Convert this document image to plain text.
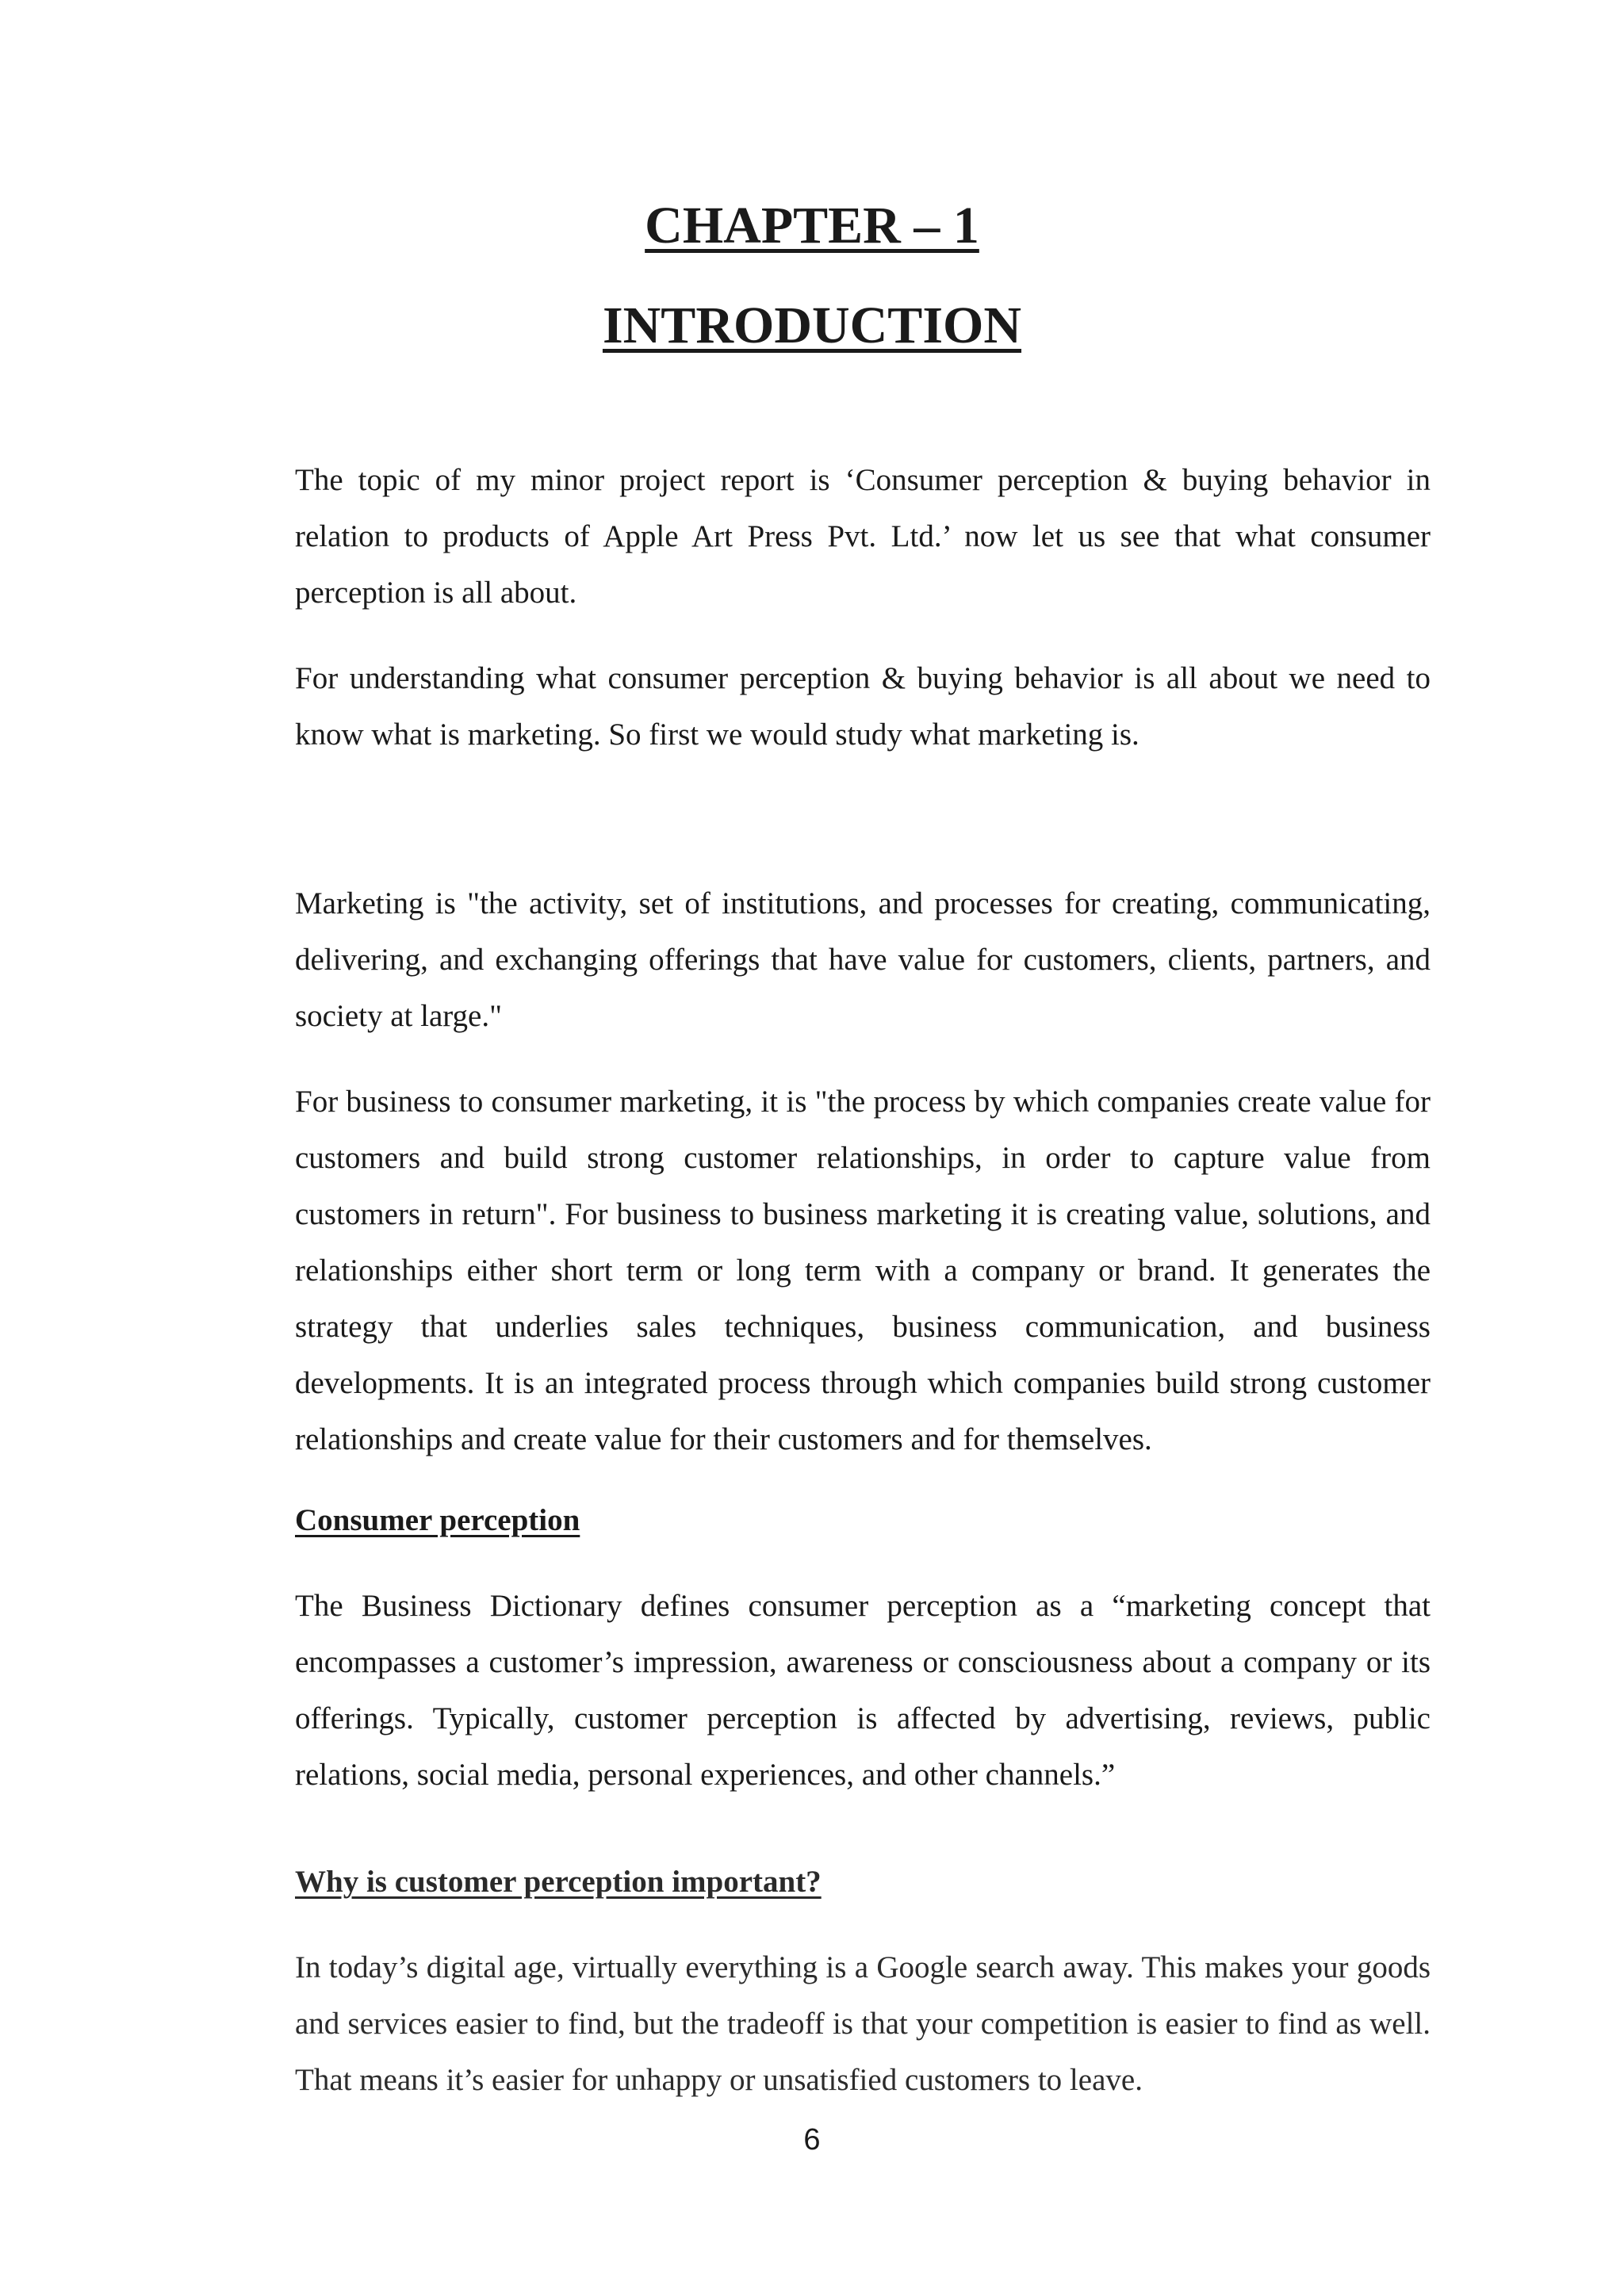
CHAPTER – 1
INTRODUCTION

The topic of my minor project report is ‘Consumer perception & buying behavior in relation to products of Apple Art Press Pvt. Ltd.’ now let us see that what consumer perception is all about.

For understanding what consumer perception & buying behavior is all about we need to know what is marketing. So first we would study what marketing is.

Marketing is "the activity, set of institutions, and processes for creating, communicating, delivering, and exchanging offerings that have value for customers, clients, partners, and society at large."

For business to consumer marketing, it is "the process by which companies create value for customers and build strong customer relationships, in order to capture value from customers in return". For business to business marketing it is creating value, solutions, and relationships either short term or long term with a company or brand. It generates the strategy that underlies sales techniques, business communication, and business developments. It is an integrated process through which companies build strong customer relationships and create value for their customers and for themselves.

Consumer perception

The Business Dictionary defines consumer perception as a “marketing concept that encompasses a customer’s impression, awareness or consciousness about a company or its offerings. Typically, customer perception is affected by advertising, reviews, public relations, social media, personal experiences, and other channels.”

Why is customer perception important?

In today’s digital age, virtually everything is a Google search away. This makes your goods and services easier to find, but the tradeoff is that your competition is easier to find as well. That means it’s easier for unhappy or unsatisfied customers to leave.

6
